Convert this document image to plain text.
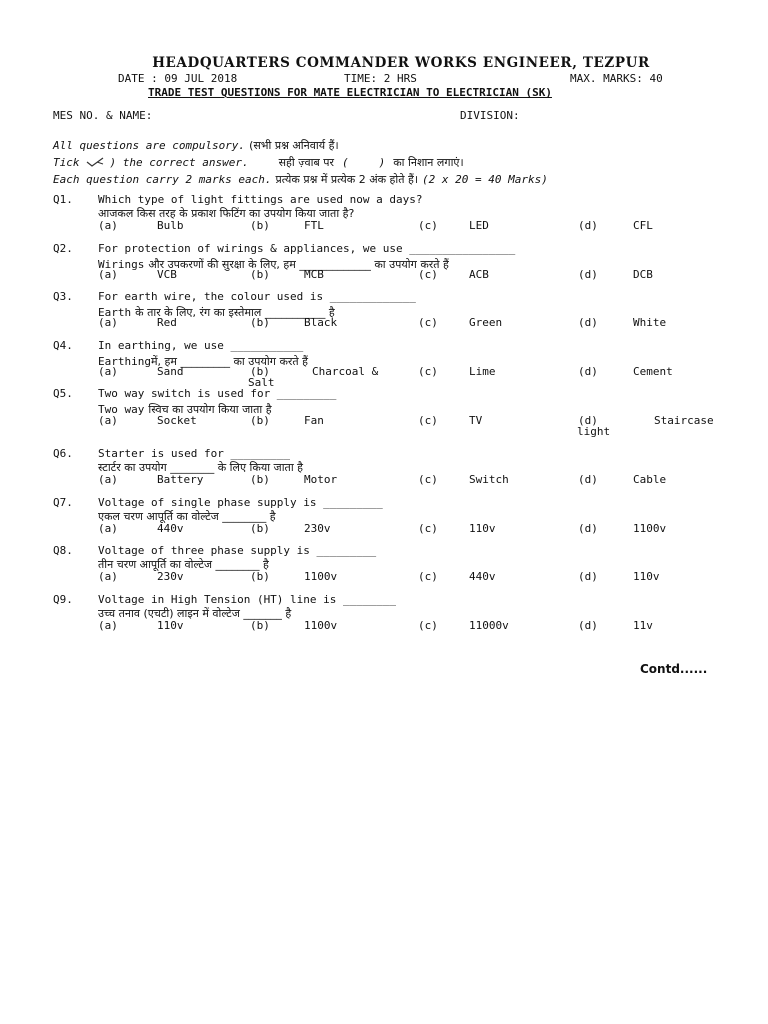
HEADQUARTERS COMMANDER WORKS ENGINEER, TEZPUR
DATE : 09 JUL 2018	TIME: 2 HRS	MAX. MARKS: 40
TRADE TEST QUESTIONS FOR MATE ELECTRICIAN TO ELECTRICIAN (SK)
MES NO. & NAME:	DIVISION:
All questions are compulsory. (सभी प्रश्न अनिवार्य हैं।
Tick	) the correct answer.	सही ज़्वाब पर (	) का निशान लगाएं।
Each question carry 2 marks each. प्रत्येक प्रश्न में प्रत्येक 2 अंक होते हैं। (2 x 20 = 40 Marks)
Q1. Which type of light fittings are used now a days?
आजकल किस तरह के प्रकाश फिटिंग का उपयोग किया जाता है?
(a)	Bulb	(b)	FTL	(c)	LED	(d)	CFL
Q2. For protection of wirings & appliances, we use ________________
Wirings और उपकरणों की सुरक्षा के लिए, हम _____________ का उपयोग करते हैं
(a)	VCB	(b)	MCB	(c)	ACB	(d)	DCB
Q3. For earth wire, the colour used is _____________
Earth के तार के लिए, रंग का इस्तेमाल ___________ है
(a)	Red	(b)	Black	(c)	Green	(d)	White
Q4. In earthing, we use ___________
Earthingमें, हम _________ का उपयोग करते हैं
(a)	Sand	(b)	Charcoal &
Salt
(c)	Lime	(d)	Cement
Q5. Two way switch is used for _________
Two way स्विच का उपयोग किया जाता है
(a)	Socket	(b)	Fan	(c)	TV	(d)	Staircase
light
Q6. Starter is used for _________
स्टार्टर का उपयोग ________ के लिए किया जाता है
(a)	Battery	(b)	Motor	(c)	Switch	(d)	Cable
Q7. Voltage of single phase supply is _________
एकल चरण आपूर्ति का वोल्टेज ________ है
(a)	440v	(b)	230v	(c)	110v	(d)	1100v
Q8. Voltage of three phase supply is _________
तीन चरण आपूर्ति का वोल्टेज ________ है
(a)	230v	(b)	1100v	(c)	440v	(d)	110v
Q9. Voltage in High Tension (HT) line is ________
उच्च तनाव (एचटी) लाइन में वोल्टेज _______ है
(a)	110v	(b)	1100v	(c)	11000v	(d)	11v
Contd......
